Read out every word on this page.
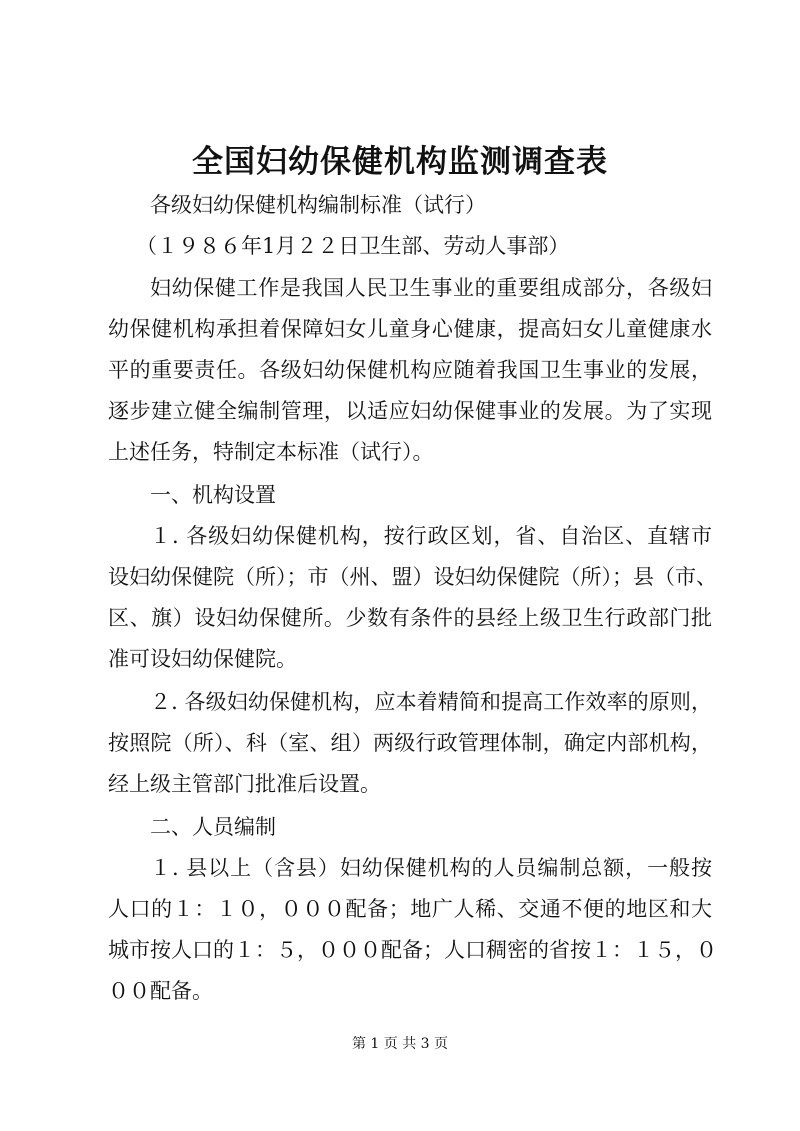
全国妇幼保健机构监测调查表

各级妇幼保健机构编制标准（试行）

（１９８６年1月２２日卫生部、劳动人事部）

妇幼保健工作是我国人民卫生事业的重要组成部分，各级妇

幼保健机构承担着保障妇女儿童身心健康，提高妇女儿童健康水

平的重要责任。各级妇幼保健机构应随着我国卫生事业的发展，

逐步建立健全编制管理，以适应妇幼保健事业的发展。为了实现

上述任务，特制定本标准（试行）。

一、机构设置

１. 各级妇幼保健机构，按行政区划，省、自治区、直辖市

设妇幼保健院（所）；市（州、盟）设妇幼保健院（所）；县（市、

区、旗）设妇幼保健所。少数有条件的县经上级卫生行政部门批

准可设妇幼保健院。

２. 各级妇幼保健机构，应本着精简和提高工作效率的原则，

按照院（所）、科（室、组）两级行政管理体制，确定内部机构，

经上级主管部门批准后设置。

二、人员编制

１. 县以上（含县）妇幼保健机构的人员编制总额，一般按

人口的１：１０，０００配备；地广人稀、交通不便的地区和大

城市按人口的１：５，０００配备；人口稠密的省按１：１５，０

００配备。

第 1 页 共 3 页
